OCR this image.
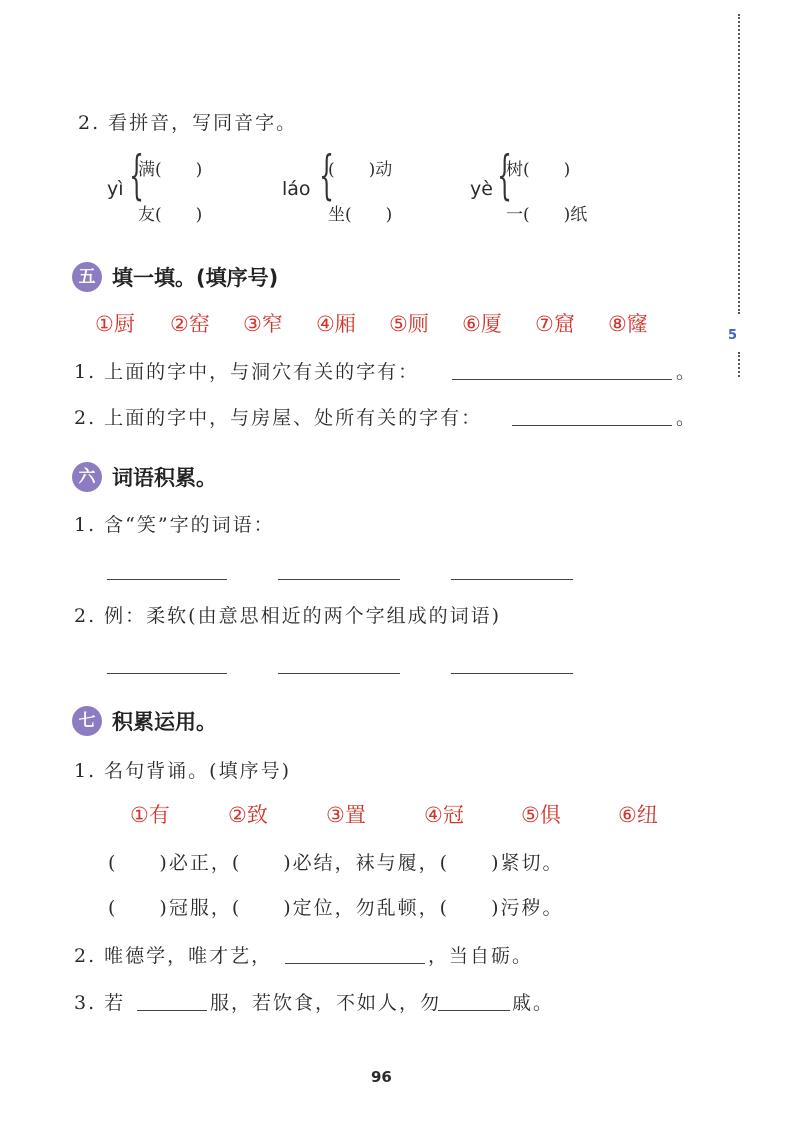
5
2. 看拼音，写同音字。
yì {
满(　　)
友(　　)
láo {
(　　)动
坐(　　)
yè {
树(　　)
一(　　)纸
五 填一填。(填序号)
①厨 ②窑 ③窄 ④厢 ⑤厕 ⑥厦 ⑦窟 ⑧窿
1. 上面的字中，与洞穴有关的字有：	。
2. 上面的字中，与房屋、处所有关的字有：	。
六 词语积累。
1. 含“笑”字的词语：
2. 例：柔软(由意思相近的两个字组成的词语)
七 积累运用。
1. 名句背诵。(填序号)
①有	②致	③置	④冠	⑤俱	⑥纽
(　　)必正，(　　)必结，袜与履，(　　)紧切。
(　　)冠服，(　　)定位，勿乱顿，(　　)污秽。
2. 唯德学，唯才艺，	，当自砺。
3. 若	服，若饮食，不如人，勿	戚。
96
